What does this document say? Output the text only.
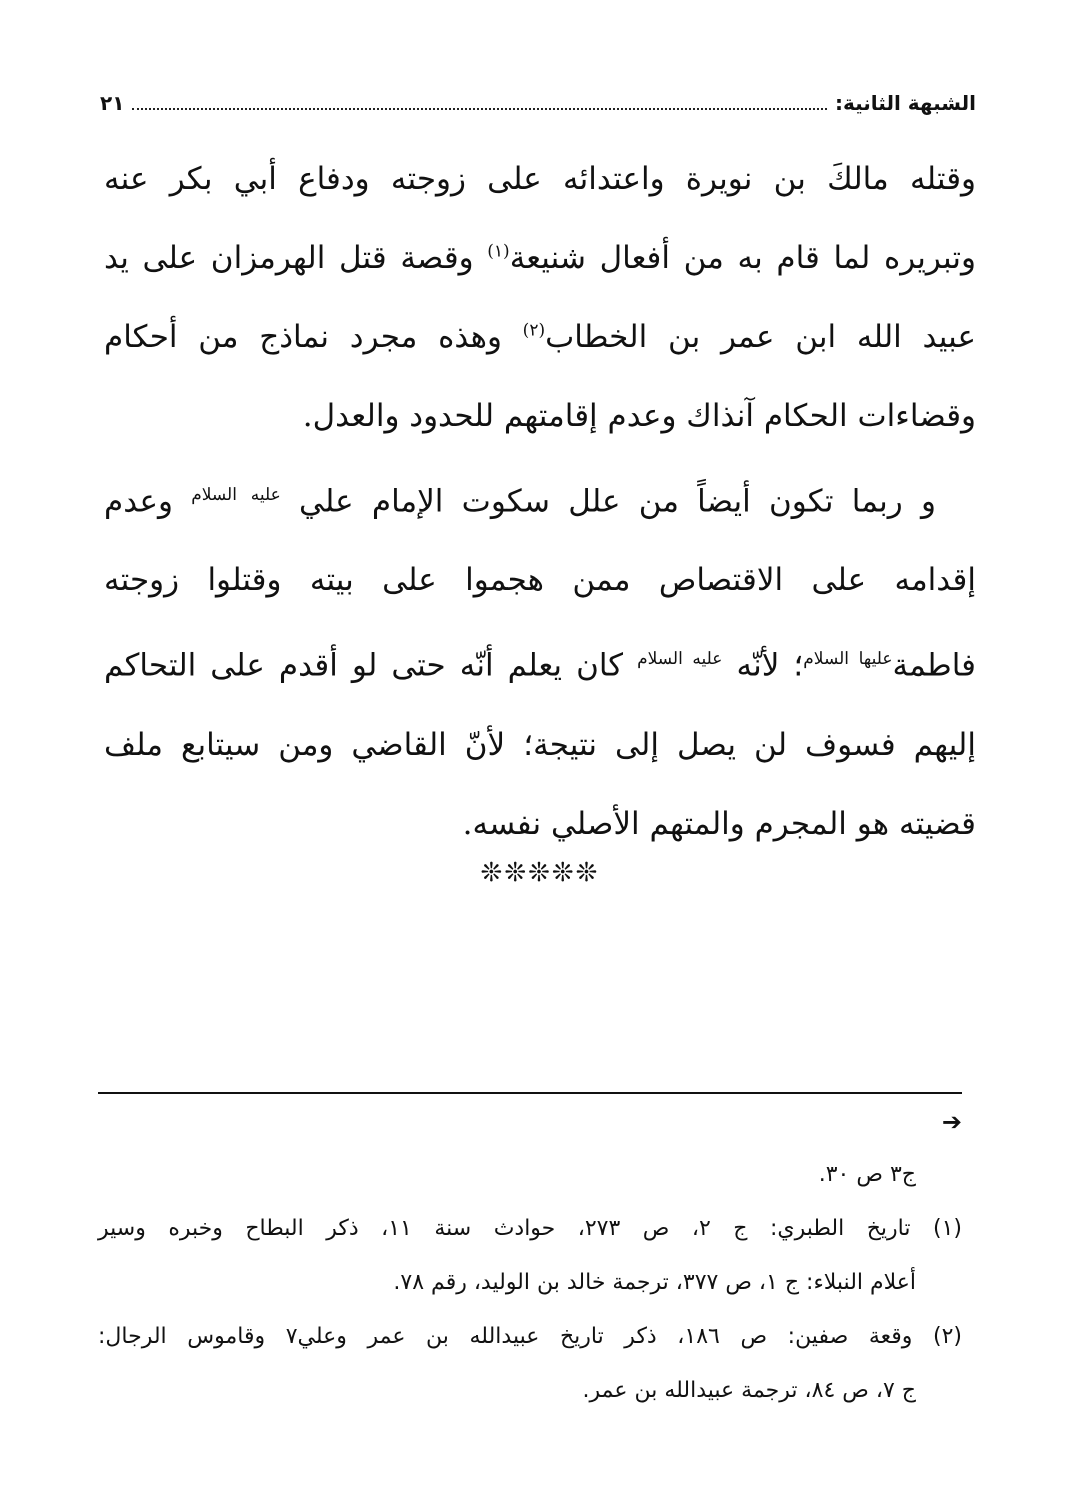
الشبهة الثانية:
٢١

وقتله مالكَ بن نويرة واعتدائه على زوجته ودفاع أبي بكر عنه
وتبريره لما قام به من أفعال شنيعة$^{(١)}$ وقصة قتل الهرمزان على يد
عبيد الله ابن عمر بن الخطاب$^{(٢)}$ وهذه مجرد نماذج من أحكام
وقضاءات الحكام آنذاك وعدم إقامتهم للحدود والعدل.

و ربما تكون أيضاً من علل سكوت الإمام علي $^{عليه السلام}$ وعدم
إقدامه على الاقتصاص ممن هجموا على بيته وقتلوا زوجته
فاطمة$^{عليها السلام}$؛ لأنّه $^{عليه السلام}$ كان يعلم أنّه حتى لو أقدم على التحاكم
إليهم فسوف لن يصل إلى نتيجة؛ لأنّ القاضي ومن سيتابع ملف
قضيته هو المجرم والمتهم الأصلي نفسه.

❊❊❊❊❊
➔
ج٣ ص ٣٠.
(١) تاريخ الطبري: ج ٢، ص ٢٧٣، حوادث سنة ١١، ذكر البطاح وخبره وسير
أعلام النبلاء: ج ١، ص ٣٧٧، ترجمة خالد بن الوليد، رقم ٧٨.
(٢) وقعة صفين: ص ١٨٦، ذكر تاريخ عبيدالله بن عمر وعلي٧ وقاموس الرجال:
ج ٧، ص ٨٤، ترجمة عبيدالله بن عمر.
